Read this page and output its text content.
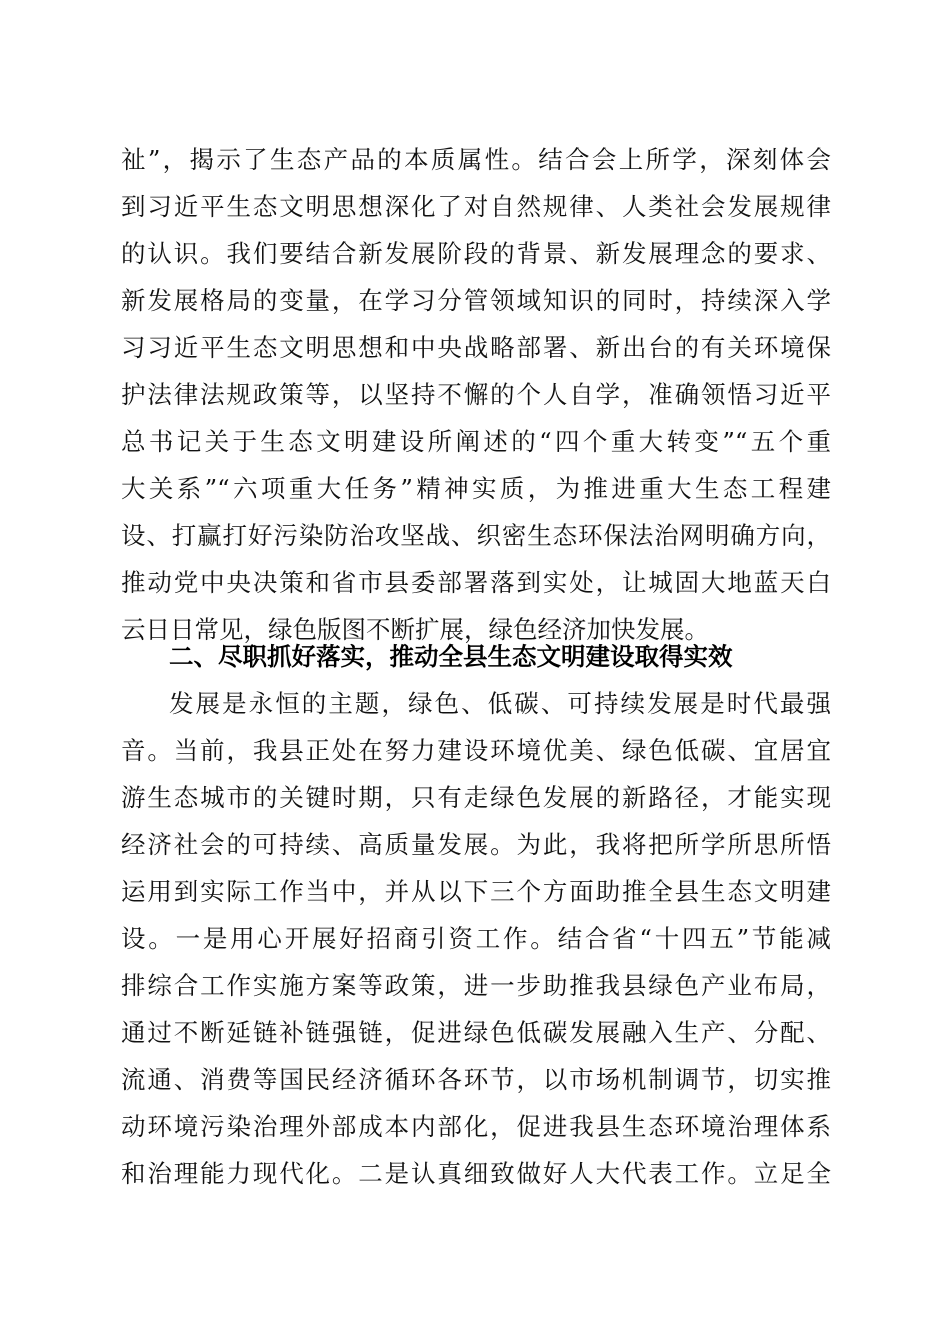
祉”，揭示了生态产品的本质属性。结合会上所学，深刻体会
到习近平生态文明思想深化了对自然规律、人类社会发展规律
的认识。我们要结合新发展阶段的背景、新发展理念的要求、
新发展格局的变量，在学习分管领域知识的同时，持续深入学
习习近平生态文明思想和中央战略部署、新出台的有关环境保
护法律法规政策等，以坚持不懈的个人自学，准确领悟习近平
总书记关于生态文明建设所阐述的“四个重大转变”“五个重
大关系”“六项重大任务”精神实质，为推进重大生态工程建
设、打赢打好污染防治攻坚战、织密生态环保法治网明确方向，
推动党中央决策和省市县委部署落到实处，让城固大地蓝天白
云日日常见，绿色版图不断扩展，绿色经济加快发展。
二、尽职抓好落实，推动全县生态文明建设取得实效
发展是永恒的主题，绿色、低碳、可持续发展是时代最强
音。当前，我县正处在努力建设环境优美、绿色低碳、宜居宜
游生态城市的关键时期，只有走绿色发展的新路径，才能实现
经济社会的可持续、高质量发展。为此，我将把所学所思所悟
运用到实际工作当中，并从以下三个方面助推全县生态文明建
设。一是用心开展好招商引资工作。结合省“十四五”节能减
排综合工作实施方案等政策，进一步助推我县绿色产业布局，
通过不断延链补链强链，促进绿色低碳发展融入生产、分配、
流通、消费等国民经济循环各环节，以市场机制调节，切实推
动环境污染治理外部成本内部化，促进我县生态环境治理体系
和治理能力现代化。二是认真细致做好人大代表工作。立足全
